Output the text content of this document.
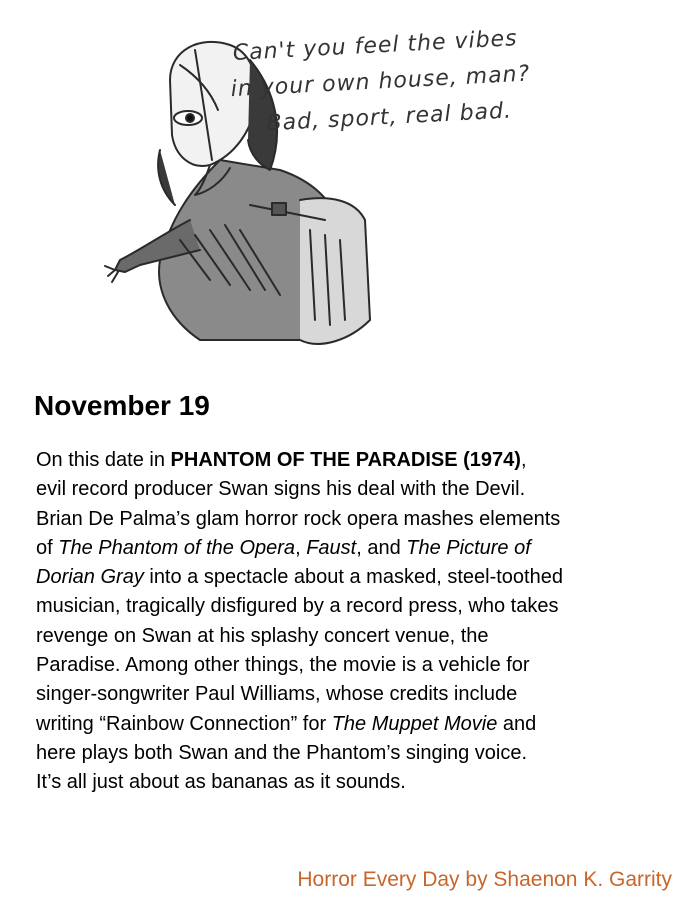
Can't you feel the vibes
in your own house, man?
Bad, sport, real bad.
November 19
On this date in PHANTOM OF THE PARADISE (1974),
evil record producer Swan signs his deal with the Devil.
Brian De Palma’s glam horror rock opera mashes elements
of The Phantom of the Opera, Faust, and The Picture of
Dorian Gray into a spectacle about a masked, steel-toothed
musician, tragically disfigured by a record press, who takes
revenge on Swan at his splashy concert venue, the
Paradise. Among other things, the movie is a vehicle for
singer-songwriter Paul Williams, whose credits include
writing “Rainbow Connection” for The Muppet Movie and
here plays both Swan and the Phantom’s singing voice.
It’s all just about as bananas as it sounds.
Horror Every Day by Shaenon K. Garrity
